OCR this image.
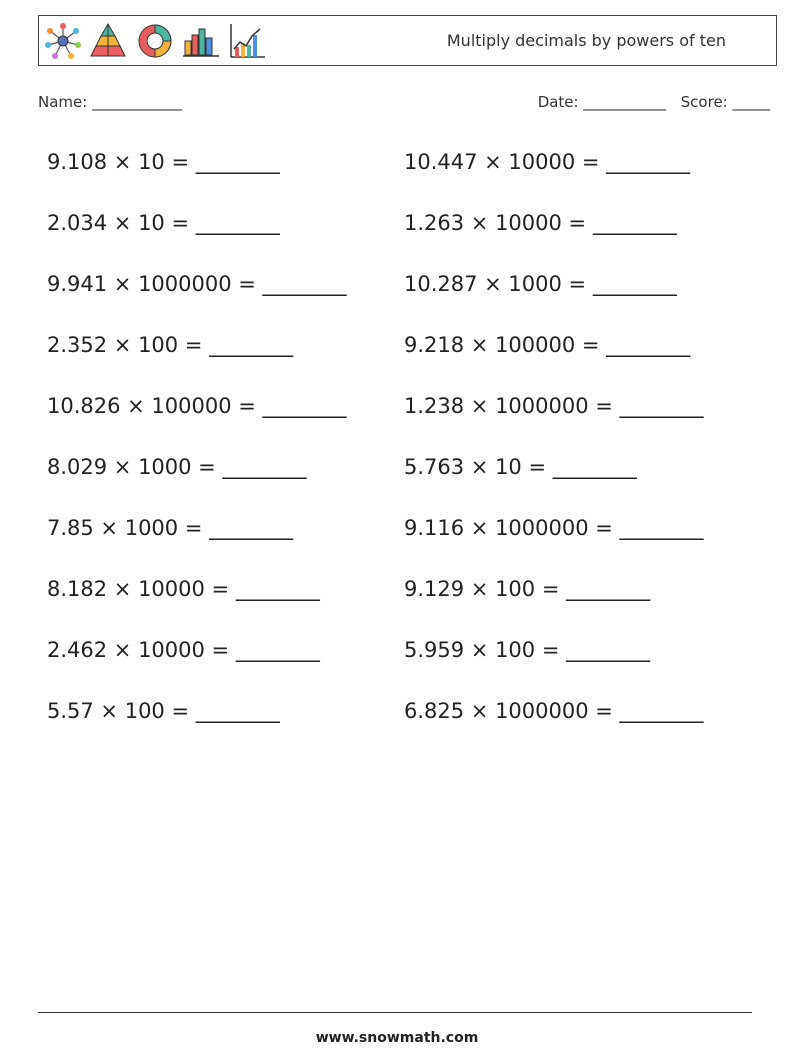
Multiply decimals by powers of ten
Name: ____________	Date: ___________ Score: _____
9.108 × 10 = ________	10.447 × 10000 = ________
2.034 × 10 = ________	1.263 × 10000 = ________
9.941 × 1000000 = ________	10.287 × 1000 = ________
2.352 × 100 = ________	9.218 × 100000 = ________
10.826 × 100000 = ________	1.238 × 1000000 = ________
8.029 × 1000 = ________	5.763 × 10 = ________
7.85 × 1000 = ________	9.116 × 1000000 = ________
8.182 × 10000 = ________	9.129 × 100 = ________
2.462 × 10000 = ________	5.959 × 100 = ________
5.57 × 100 = ________	6.825 × 1000000 = ________
www.snowmath.com
